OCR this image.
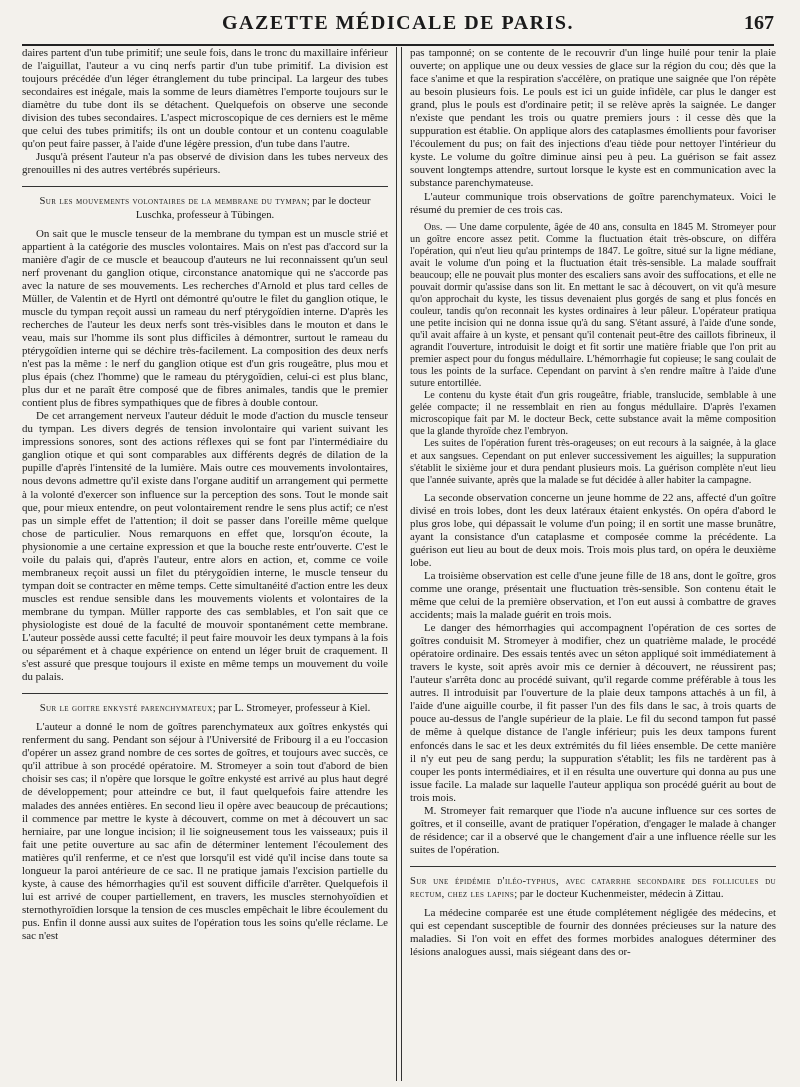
GAZETTE MÉDICALE DE PARIS.	167

daires partent d'un tube primitif; une seule fois, dans le tronc du maxillaire inférieur de l'aiguillat, l'auteur a vu cinq nerfs partir d'un tube primitif. La division est toujours précédée d'un léger étranglement du tube principal. La largeur des tubes secondaires est inégale, mais la somme de leurs diamètres l'emporte toujours sur le diamètre du tube dont ils se détachent. Quelquefois on observe une seconde division des tubes secondaires. L'aspect microscopique de ces derniers est le même que celui des tubes primitifs; ils ont un double contour et un contenu coagulable qu'on peut faire passer, à l'aide d'une légère pression, d'un tube dans l'autre.

Jusqu'à présent l'auteur n'a pas observé de division dans les tubes nerveux des grenouilles ni des autres vertébrés supérieurs.

Sur les mouvements volontaires de la membrane du tympan; par le docteur Luschka, professeur à Tübingen.

On sait que le muscle tenseur de la membrane du tympan est un muscle strié et appartient à la catégorie des muscles volontaires. Mais on n'est pas d'accord sur la manière d'agir de ce muscle et beaucoup d'auteurs ne lui reconnaissent qu'un seul nerf provenant du ganglion otique, circonstance anatomique qui ne s'accorde pas avec la nature de ses mouvements. Les recherches d'Arnold et plus tard celles de Müller, de Valentin et de Hyrtl ont démontré qu'outre le filet du ganglion otique, le muscle du tympan reçoit aussi un rameau du nerf ptérygoïdien interne. D'après les recherches de l'auteur les deux nerfs sont très-visibles dans le mouton et dans le veau, mais sur l'homme ils sont plus difficiles à démontrer, surtout le rameau du ptérygoïdien interne qui se déchire très-facilement. La composition des deux nerfs n'est pas la même : le nerf du ganglion otique est d'un gris rougeâtre, plus mou et plus épais (chez l'homme) que le rameau du ptérygoïdien, celui-ci est plus blanc, plus dur et ne paraît être composé que de fibres animales, tandis que le premier contient plus de fibres sympathiques que de fibres à double contour.

De cet arrangement nerveux l'auteur déduit le mode d'action du muscle tenseur du tympan. Les divers degrés de tension involontaire qui varient suivant les impressions sonores, sont des actions réflexes qui se font par l'intermédiaire du ganglion otique et qui sont comparables aux différents degrés de dilation de la pupille d'après l'intensité de la lumière. Mais outre ces mouvements involontaires, nous devons admettre qu'il existe dans l'organe auditif un arrangement qui permette à la volonté d'exercer son influence sur la perception des sons. Tout le monde sait que, pour mieux entendre, on peut volontairement rendre le sens plus actif; ce n'est pas un simple effet de l'attention; il doit se passer dans l'oreille même quelque chose de particulier. Nous remarquons en effet que, lorsqu'on écoute, la physionomie a une certaine expression et que la bouche reste entr'ouverte. C'est le voile du palais qui, d'après l'auteur, entre alors en action, et, comme ce voile membraneux reçoit aussi un filet du ptérygoïdien interne, le muscle tenseur du tympan doit se contracter en même temps. Cette simultanéité d'action entre les deux muscles est rendue sensible dans les mouvements violents et volontaires de la membrane du tympan. Müller rapporte des cas semblables, et l'on sait que ce physiologiste est doué de la faculté de mouvoir spontanément cette membrane. L'auteur possède aussi cette faculté; il peut faire mouvoir les deux tympans à la fois ou séparément et à chaque expérience on entend un léger bruit de craquement. Il s'est assuré que presque toujours il existe en même temps un mouvement du voile du palais.

Sur le goitre enkysté parenchymateux; par L. Stromeyer, professeur à Kiel.

L'auteur a donné le nom de goîtres parenchymateux aux goîtres enkystés qui renferment du sang. Pendant son séjour à l'Université de Fribourg il a eu l'occasion d'opérer un assez grand nombre de ces sortes de goîtres, et toujours avec succès, ce qu'il attribue à son procédé opératoire. M. Stromeyer a soin tout d'abord de bien choisir ses cas; il n'opère que lorsque le goître enkysté est arrivé au plus haut degré de développement; pour atteindre ce but, il faut quelquefois faire attendre les malades des années entières. En second lieu il opère avec beaucoup de précautions; il commence par mettre le kyste à découvert, comme on met à découvert un sac herniaire, par une longue incision; il lie soigneusement tous les vaisseaux; puis il fait une petite ouverture au sac afin de déterminer lentement l'écoulement des matières qu'il renferme, et ce n'est que lorsqu'il est vidé qu'il incise dans toute sa longueur la paroi antérieure de ce sac. Il ne pratique jamais l'excision partielle du kyste, à cause des hémorrhagies qu'il est souvent difficile d'arrêter. Quelquefois il lui est arrivé de couper partiellement, en travers, les muscles sternohyoïdien et sternothyroïdien lorsque la tension de ces muscles empêchait le libre écoulement du pus. Enfin il donne aussi aux suites de l'opération tous les soins qu'elle réclame. Le sac n'est

pas tamponné; on se contente de le recouvrir d'un linge huilé pour tenir la plaie ouverte; on applique une ou deux vessies de glace sur la région du cou; dès que la face s'anime et que la respiration s'accélère, on pratique une saignée que l'on répète au besoin plusieurs fois. Le pouls est ici un guide infidèle, car plus le danger est grand, plus le pouls est d'ordinaire petit; il se relève après la saignée. Le danger n'existe que pendant les trois ou quatre premiers jours : il cesse dès que la suppuration est établie. On applique alors des cataplasmes émollients pour favoriser l'écoulement du pus; on fait des injections d'eau tiède pour nettoyer l'intérieur du kyste. Le volume du goître diminue ainsi peu à peu. La guérison se fait assez souvent longtemps attendre, surtout lorsque le kyste est en communication avec la substance parenchymateuse.

L'auteur communique trois observations de goître parenchymateux. Voici le résumé du premier de ces trois cas.

Obs. — Une dame corpulente, âgée de 40 ans, consulta en 1845 M. Stromeyer pour un goître encore assez petit. Comme la fluctuation était très-obscure, on différa l'opération, qui n'eut lieu qu'au printemps de 1847. Le goître, situé sur la ligne médiane, avait le volume d'un poing et la fluctuation était très-sensible. La malade souffrait beaucoup; elle ne pouvait plus monter des escaliers sans avoir des suffocations, et elle ne pouvait dormir qu'assise dans son lit. En mettant le sac à découvert, on vit qu'à mesure qu'on approchait du kyste, les tissus devenaient plus gorgés de sang et plus foncés en couleur, tandis qu'on reconnait les kystes ordinaires à leur pâleur. L'opérateur pratiqua une petite incision qui ne donna issue qu'à du sang. S'étant assuré, à l'aide d'une sonde, qu'il avait affaire à un kyste, et pensant qu'il contenait peut-être des caillots fibrineux, il agrandit l'ouverture, introduisit le doigt et fit sortir une matière friable que l'on prit au premier aspect pour du fongus médullaire. L'hémorrhagie fut copieuse; le sang coulait de tous les points de la surface. Cependant on parvint à s'en rendre maître à l'aide d'une suture entortillée.

Le contenu du kyste était d'un gris rougeâtre, friable, translucide, semblable à une gelée compacte; il ne ressemblait en rien au fongus médullaire. D'après l'examen microscopique fait par M. le docteur Beck, cette substance avait la même composition que la glande thyroïde chez l'embryon.

Les suites de l'opération furent très-orageuses; on eut recours à la saignée, à la glace et aux sangsues. Cependant on put enlever successivement les aiguilles; la suppuration s'établit le sixième jour et dura pendant plusieurs mois. La guérison complète n'eut lieu que l'année suivante, après que la malade se fut décidée à aller habiter la campagne.

La seconde observation concerne un jeune homme de 22 ans, affecté d'un goître divisé en trois lobes, dont les deux latéraux étaient enkystés. On opéra d'abord le plus gros lobe, qui dépassait le volume d'un poing; il en sortit une masse brunâtre, ayant la consistance d'un cataplasme et composée comme la précédente. La guérison eut lieu au bout de deux mois. Trois mois plus tard, on opéra le deuxième lobe.

La troisième observation est celle d'une jeune fille de 18 ans, dont le goître, gros comme une orange, présentait une fluctuation très-sensible. Son contenu était le même que celui de la première observation, et l'on eut aussi à combattre de graves accidents; mais la malade guérit en trois mois.

Le danger des hémorrhagies qui accompagnent l'opération de ces sortes de goîtres conduisit M. Stromeyer à modifier, chez un quatrième malade, le procédé opératoire ordinaire. Des essais tentés avec un séton appliqué soit immédiatement à travers le kyste, soit après avoir mis ce dernier à découvert, ne réussirent pas; l'auteur s'arrêta donc au procédé suivant, qu'il regarde comme préférable à tous les autres. Il introduisit par l'ouverture de la plaie deux tampons attachés à un fil, à l'aide d'une aiguille courbe, il fit passer l'un des fils dans le sac, à trois quarts de pouce au-dessus de l'angle supérieur de la plaie. Le fil du second tampon fut passé de même à quelque distance de l'angle inférieur; puis les deux tampons furent enfoncés dans le sac et les deux extrémités du fil liées ensemble. De cette manière il n'y eut peu de sang perdu; la suppuration s'établit; les fils ne tardèrent pas à couper les ponts intermédiaires, et il en résulta une ouverture qui donna au pus une issue facile. La malade sur laquelle l'auteur appliqua son procédé guérit au bout de trois mois.

M. Stromeyer fait remarquer que l'iode n'a aucune influence sur ces sortes de goîtres, et il conseille, avant de pratiquer l'opération, d'engager le malade à changer de résidence; car il a observé que le changement d'air a une influence réelle sur les suites de l'opération.

Sur une épidémie d'iléo-typhus, avec catarrhe secondaire des follicules du rectum, chez les lapins; par le docteur Kuchenmeister, médecin à Zittau.

La médecine comparée est une étude complétement négligée des médecins, et qui est cependant susceptible de fournir des données précieuses sur la nature des maladies. Si l'on voit en effet des formes morbides analogues déterminer des lésions analogues aussi, mais siégeant dans des or-
